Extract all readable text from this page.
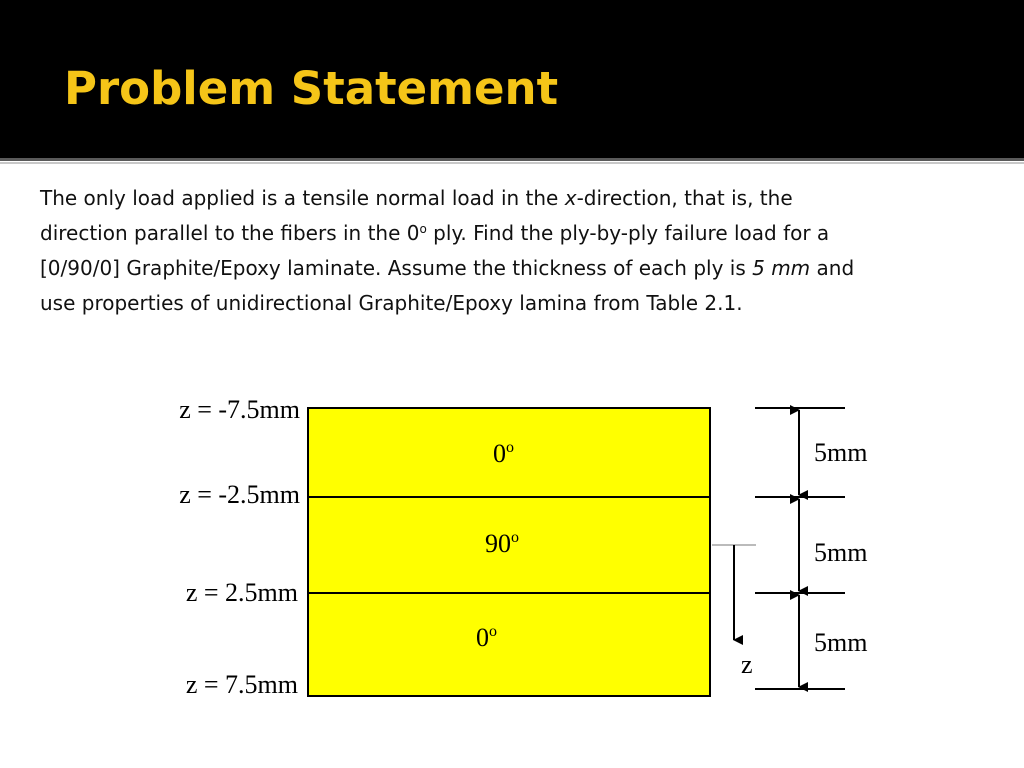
Problem Statement

The only load applied is a tensile normal load in the x-direction, that is, the

direction parallel to the fibers in the 0$^o$ ply. Find the ply-by-ply failure load for a

[0/90/0] Graphite/Epoxy laminate. Assume the thickness of each ply is 5 mm and

use properties of unidirectional Graphite/Epoxy lamina from Table 2.1.

z = -7.5mm
z = -2.5mm
z = 2.5mm
z = 7.5mm
0$^o$
90$^o$
0$^o$
5mm
5mm
5mm
z
